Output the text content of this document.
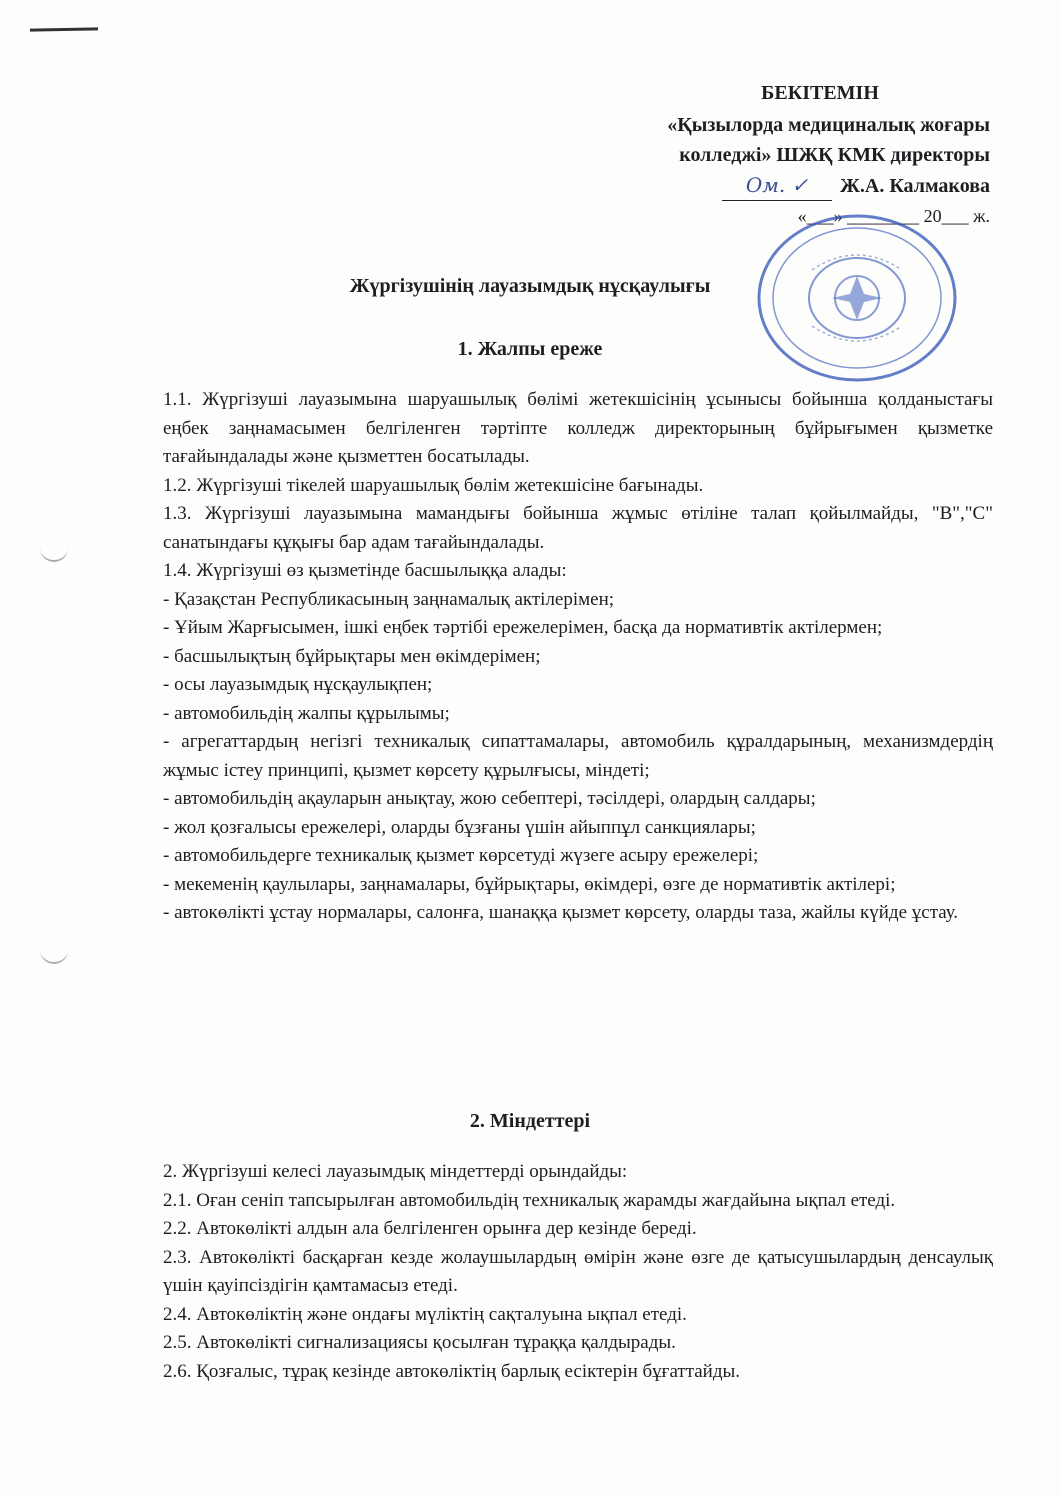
БЕКІТЕМІН
«Қызылорда медициналық жоғары
колледжі» ШЖҚ КМК директоры
Ом. ✓	Ж.А. Калмакова
«___» ________ 20___ ж.
Жүргізушінің лауазымдық нұсқаулығы
1. Жалпы ереже

1.1. Жүргізуші лауазымына шаруашылық бөлімі жетекшісінің ұсынысы бойынша қолданыстағы еңбек заңнамасымен белгіленген тәртіпте колледж директорының бұйрығымен қызметке тағайындалады және қызметтен босатылады.

1.2. Жүргізуші тікелей шаруашылық бөлім жетекшісіне бағынады.

1.3. Жүргізуші лауазымына мамандығы бойынша жұмыс өтіліне талап қойылмайды, "В","С" санатындағы құқығы бар адам тағайындалады.

1.4. Жүргізуші өз қызметінде басшылыққа алады:

- Қазақстан Республикасының заңнамалық актілерімен;

- Ұйым Жарғысымен, ішкі еңбек тәртібі ережелерімен, басқа да нормативтік актілермен;

- басшылықтың бұйрықтары мен өкімдерімен;

- осы лауазымдық нұсқаулықпен;

- автомобильдің жалпы құрылымы;

- агрегаттардың негізгі техникалық сипаттамалары, автомобиль құралдарының, механизмдердің жұмыс істеу принципі, қызмет көрсету құрылғысы, міндеті;

- автомобильдің ақауларын анықтау, жою себептері, тәсілдері, олардың салдары;

- жол қозғалысы ережелері, оларды бұзғаны үшін айыппұл санкциялары;

- автомобильдерге техникалық қызмет көрсетуді жүзеге асыру ережелері;

- мекеменің қаулылары, заңнамалары, бұйрықтары, өкімдері, өзге де нормативтік актілері;

- автокөлікті ұстау нормалары, салонға, шанаққа қызмет көрсету, оларды таза, жайлы күйде ұстау.

2. Міндеттері

2. Жүргізуші келесі лауазымдық міндеттерді орындайды:

2.1. Оған сеніп тапсырылған автомобильдің техникалық жарамды жағдайына ықпал етеді.

2.2. Автокөлікті алдын ала белгіленген орынға дер кезінде береді.

2.3. Автокөлікті басқарған кезде жолаушылардың өмірін және өзге де қатысушылардың денсаулық үшін қауіпсіздігін қамтамасыз етеді.

2.4. Автокөліктің және ондағы мүліктің сақталуына ықпал етеді.

2.5. Автокөлікті сигнализациясы қосылған тұраққа қалдырады.

2.6. Қозғалыс, тұрақ кезінде автокөліктің барлық есіктерін бұғаттайды.
